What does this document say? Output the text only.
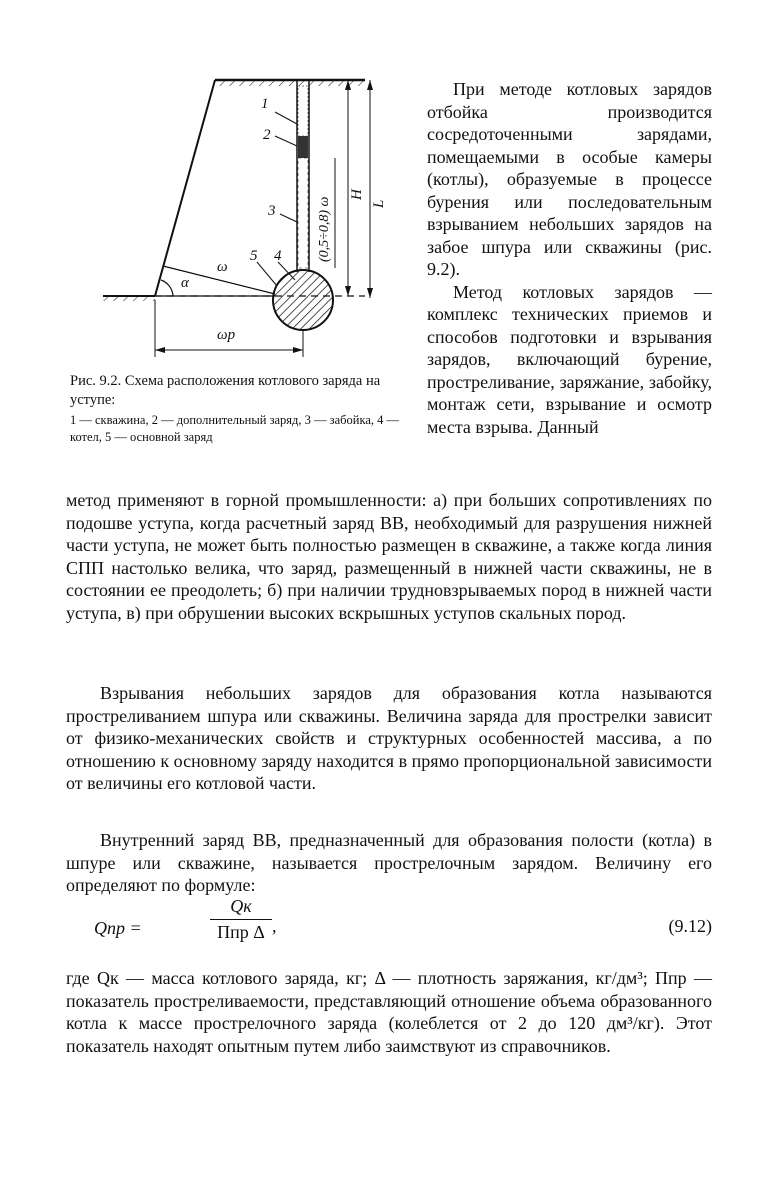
1
2
3
4
5
ω
α
ωр
(0,5÷0,8) ω
H
L
Рис. 9.2. Схема расположения котлового заряда на уступе:
1 — скважина, 2 — дополнительный заряд, 3 — забойка, 4 — котел, 5 — основной заряд

При методе котловых зарядов отбойка производится сосредоточенными зарядами, помещаемыми в особые камеры (котлы), образуемые в процессе бурения или последовательным взрыванием небольших зарядов на забое шпура или скважины (рис. 9.2).

Метод котловых зарядов — комплекс технических приемов и способов подготовки и взрывания зарядов, включающий бурение, простреливание, заряжание, забойку, монтаж сети, взрывание и осмотр места взрыва. Данный

метод применяют в горной промышленности: а) при больших сопротивлениях по подошве уступа, когда расчетный заряд ВВ, необходимый для разрушения нижней части уступа, не может быть полностью размещен в скважине, а также когда линия СПП настолько велика, что заряд, размещенный в нижней части скважины, не в состоянии ее преодолеть; б) при наличии трудновзрываемых пород в нижней части уступа, в) при обрушении высоких вскрышных уступов скальных пород.

Взрывания небольших зарядов для образования котла называются простреливанием шпура или скважины. Величина заряда для прострелки зависит от физико-механических свойств и структурных особенностей массива, а по отношению к основному заряду находится в прямо пропорциональной зависимости от величины его котловой части.

Внутренний заряд ВВ, предназначенный для образования полости (котла) в шпуре или скважине, называется прострелочным зарядом. Величину его определяют по формуле:

Qпр =
Qк
Ппр Δ ,	(9.12)

где Qк — масса котлового заряда, кг; Δ — плотность заряжания, кг/дм³; Ппр — показатель простреливаемости, представляющий отношение объема образованного котла к массе прострелочного заряда (колеблется от 2 до 120 дм³/кг). Этот показатель находят опытным путем либо заимствуют из справочников.
